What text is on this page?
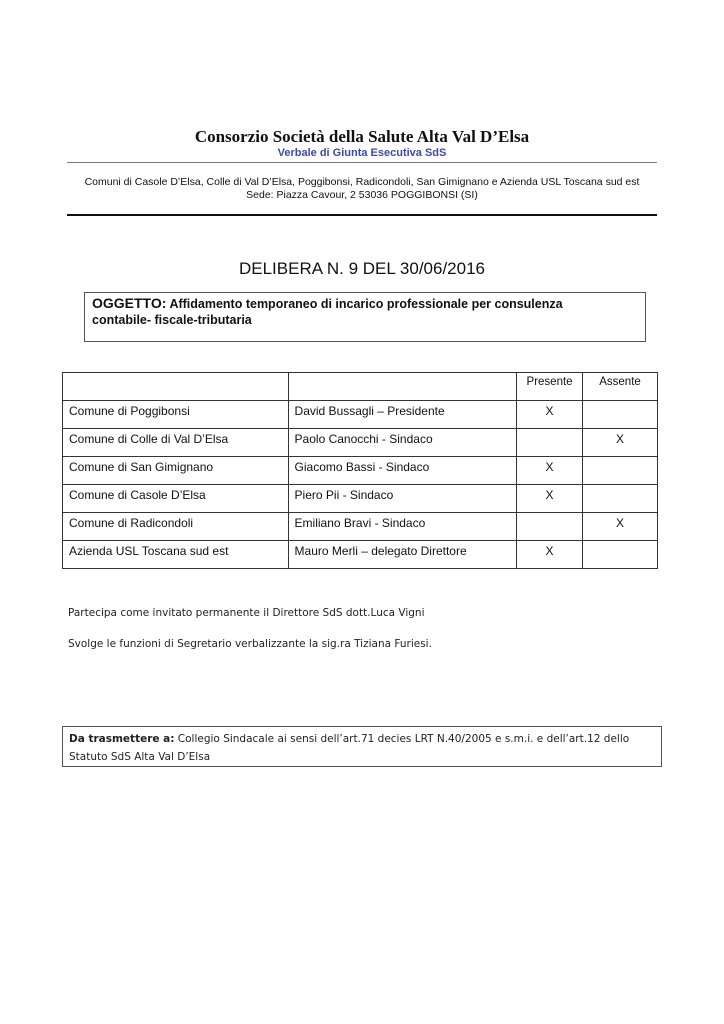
Consorzio Società della Salute Alta Val D’Elsa
Verbale di Giunta Esecutiva SdS
Comuni di Casole D’Elsa, Colle di Val D’Elsa, Poggibonsi, Radicondoli, San Gimignano e Azienda USL Toscana sud est
Sede: Piazza Cavour, 2 53036 POGGIBONSI (SI)
DELIBERA N. 9 DEL 30/06/2016
OGGETTO: Affidamento temporaneo di incarico professionale per consulenza
contabile- fiscale-tributaria
		Presente	Assente
Comune di Poggibonsi	David Bussagli – Presidente	X	
Comune di Colle di Val D’Elsa	Paolo Canocchi - Sindaco		X
Comune di San Gimignano	Giacomo Bassi - Sindaco	X	
Comune di Casole D’Elsa	Piero Pii - Sindaco	X	
Comune di Radicondoli	Emiliano Bravi - Sindaco		X
Azienda USL Toscana sud est	Mauro Merli – delegato Direttore	X	
Partecipa come invitato permanente il Direttore SdS dott.Luca Vigni
Svolge le funzioni di Segretario verbalizzante la sig.ra Tiziana Furiesi.
Da trasmettere a: Collegio Sindacale ai sensi dell’art.71 decies LRT N.40/2005 e s.m.i. e dell’art.12 dello
Statuto SdS Alta Val D’Elsa
